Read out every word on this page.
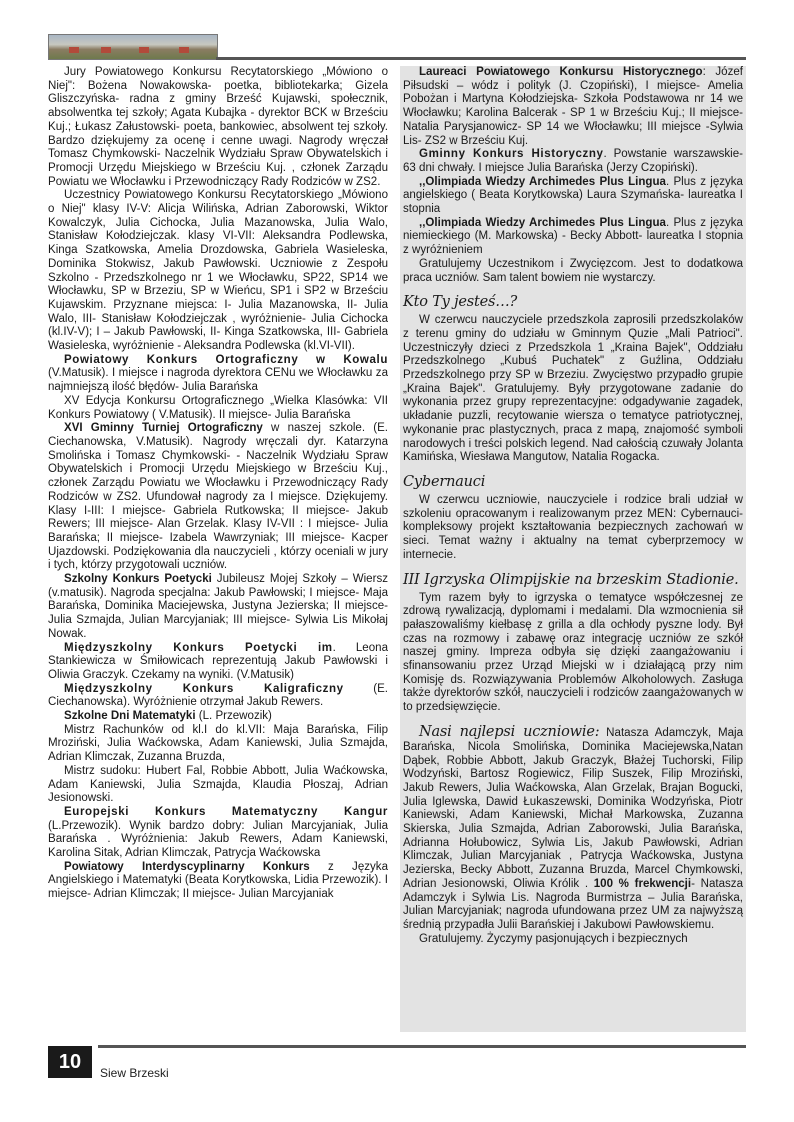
Jury Powiatowego Konkursu Recytatorskiego „Mówiono o Niej": Bożena Nowakowska- poetka, bibliotekarka; Gizela Gliszczyńska- radna z gminy Brześć Kujawski, społecznik, absolwentka tej szkoły; Agata Kubajka - dyrektor BCK w Brześciu Kuj.; Łukasz Załustowski- poeta, bankowiec, absolwent tej szkoły. Bardzo dziękujemy za ocenę i cenne uwagi. Nagrody wręczał Tomasz Chymkowski- Naczelnik Wydziału Spraw Obywatelskich i Promocji Urzędu Miejskiego w Brześciu Kuj. , członek Zarządu Powiatu we Włocławku i Przewodniczący Rady Rodziców w ZS2.

Uczestnicy Powiatowego Konkursu Recytatorskiego „Mówiono o Niej" klasy IV-V: Alicja Wilińska, Adrian Zaborowski, Wiktor Kowalczyk, Julia Cichocka, Julia Mazanowska, Julia Walo, Stanisław Kołodziejczak. klasy VI-VII: Aleksandra Podlewska, Kinga Szatkowska, Amelia Drozdowska, Gabriela Wasieleska, Dominika Stokwisz, Jakub Pawłowski. Uczniowie z Zespołu Szkolno - Przedszkolnego nr 1 we Włocławku, SP22, SP14 we Włocławku, SP w Brzeziu, SP w Wieńcu, SP1 i SP2 w Brześciu Kujawskim. Przyznane miejsca: I- Julia Mazanowska, II- Julia Walo, III- Stanisław Kołodziejczak , wyróżnienie- Julia Cichocka (kl.IV-V); I – Jakub Pawłowski, II- Kinga Szatkowska, III- Gabriela Wasieleska, wyróżnienie - Aleksandra Podlewska (kl.VI-VII).

Powiatowy Konkurs Ortograficzny w Kowalu (V.Matusik). I miejsce i nagroda dyrektora CENu we Włocławku za najmniejszą ilość błędów- Julia Barańska

XV Edycja Konkursu Ortograficznego „Wielka Klasówka: VII Konkurs Powiatowy ( V.Matusik). II miejsce- Julia Barańska

XVI Gminny Turniej Ortograficzny w naszej szkole. (E. Ciechanowska, V.Matusik). Nagrody wręczali dyr. Katarzyna Smolińska i Tomasz Chymkowski- - Naczelnik Wydziału Spraw Obywatelskich i Promocji Urzędu Miejskiego w Brześciu Kuj., członek Zarządu Powiatu we Włocławku i Przewodniczący Rady Rodziców w ZS2. Ufundował nagrody za I miejsce. Dziękujemy. Klasy I-III: I miejsce- Gabriela Rutkowska; II miejsce- Jakub Rewers; III miejsce- Alan Grzelak. Klasy IV-VII : I miejsce- Julia Barańska; II miejsce- Izabela Wawrzyniak; III miejsce- Kacper Ujazdowski. Podziękowania dla nauczycieli , którzy oceniali w jury i tych, którzy przygotowali uczniów.

Szkolny Konkurs Poetycki Jubileusz Mojej Szkoły – Wiersz (v.matusik). Nagroda specjalna: Jakub Pawłowski; I miejsce- Maja Barańska, Dominika Maciejewska, Justyna Jezierska; II miejsce- Julia Szmajda, Julian Marcyjaniak; III miejsce- Sylwia Lis Mikołaj Nowak.

Międzyszkolny Konkurs Poetycki im. Leona Stankiewicza w Śmiłowicach reprezentują Jakub Pawłowski i Oliwia Graczyk. Czekamy na wyniki. (V.Matusik)

Międzyszkolny Konkurs Kaligraficzny (E. Ciechanowska). Wyróżnienie otrzymał Jakub Rewers.

Szkolne Dni Matematyki (L. Przewozik)

Mistrz Rachunków od kl.I do kl.VII: Maja Barańska, Filip Mroziński, Julia Waćkowska, Adam Kaniewski, Julia Szmajda, Adrian Klimczak, Zuzanna Bruzda,

Mistrz sudoku: Hubert Fal, Robbie Abbott, Julia Waćkowska, Adam Kaniewski, Julia Szmajda, Klaudia Płoszaj, Adrian Jesionowski.

Europejski Konkurs Matematyczny Kangur (L.Przewozik). Wynik bardzo dobry: Julian Marcyjaniak, Julia Barańska . Wyróżnienia: Jakub Rewers, Adam Kaniewski, Karolina Sitak, Adrian Klimczak, Patrycja Waćkowska

Powiatowy Interdyscyplinarny Konkurs z Języka Angielskiego i Matematyki (Beata Korytkowska, Lidia Przewozik). I miejsce- Adrian Klimczak; II miejsce- Julian Marcyjaniak

Laureaci Powiatowego Konkursu Historycznego: Józef Piłsudski – wódz i polityk (J. Czopiński), I miejsce- Amelia Pobożan i Martyna Kołodziejska- Szkoła Podstawowa nr 14 we Włocławku; Karolina Balcerak - SP 1 w Brześciu Kuj.; II miejsce- Natalia Parysjanowicz- SP 14 we Włocławku; III miejsce -Sylwia Lis- ZS2 w Brześciu Kuj.

Gminny Konkurs Historyczny. Powstanie warszawskie- 63 dni chwały. I miejsce Julia Barańska (Jerzy Czopiński).

,,Olimpiada Wiedzy Archimedes Plus Lingua. Plus z języka angielskiego ( Beata Korytkowska) Laura Szymańska- laureatka I stopnia

,,Olimpiada Wiedzy Archimedes Plus Lingua. Plus z języka niemieckiego (M. Markowska) - Becky Abbott- laureatka I stopnia z wyróżnieniem

Gratulujemy Uczestnikom i Zwycięzcom. Jest to dodatkowa praca uczniów. Sam talent bowiem nie wystarczy.

Kto Ty jesteś…?

W czerwcu nauczyciele przedszkola zaprosili przedszkolaków z terenu gminy do udziału w Gminnym Quzie „Mali Patrioci". Uczestniczyły dzieci z Przedszkola 1 „Kraina Bajek", Oddziału Przedszkolnego „Kubuś Puchatek" z Guźlina, Oddziału Przedszkolnego przy SP w Brzeziu. Zwycięstwo przypadło grupie „Kraina Bajek". Gratulujemy. Były przygotowane zadanie do wykonania przez grupy reprezentacyjne: odgadywanie zagadek, układanie puzzli, recytowanie wiersza o tematyce patriotycznej, wykonanie prac plastycznych, praca z mapą, znajomość symboli narodowych i treści polskich legend. Nad całością czuwały Jolanta Kamińska, Wiesława Mangutow, Natalia Rogacka.

Cybernauci

W czerwcu uczniowie, nauczyciele i rodzice brali udział w szkoleniu opracowanym i realizowanym przez MEN: Cybernauci- kompleksowy projekt kształtowania bezpiecznych zachowań w sieci. Temat ważny i aktualny na temat cyberprzemocy w internecie.

III Igrzyska Olimpijskie na brzeskim Stadionie.

Tym razem były to igrzyska o tematyce współczesnej ze zdrową rywalizacją, dyplomami i medalami. Dla wzmocnienia sił pałaszowaliśmy kiełbasę z grilla a dla ochłody pyszne lody. Był czas na rozmowy i zabawę oraz integrację uczniów ze szkół naszej gminy. Impreza odbyła się dzięki zaangażowaniu i sfinansowaniu przez Urząd Miejski w i działającą przy nim Komisję ds. Rozwiązywania Problemów Alkoholowych. Zasługa także dyrektorów szkół, nauczycieli i rodziców zaangażowanych w to przedsięwzięcie.

Nasi najlepsi uczniowie: Natasza Adamczyk, Maja Barańska, Nicola Smolińska, Dominika Maciejewska,Natan Dąbek, Robbie Abbott, Jakub Graczyk, Błażej Tuchorski, Filip Wodzyński, Bartosz Rogiewicz, Filip Suszek, Filip Mroziński, Jakub Rewers, Julia Waćkowska, Alan Grzelak, Brajan Bogucki, Julia Iglewska, Dawid Łukaszewski, Dominika Wodzyńska, Piotr Kaniewski, Adam Kaniewski, Michał Markowska, Zuzanna Skierska, Julia Szmajda, Adrian Zaborowski, Julia Barańska, Adrianna Hołubowicz, Sylwia Lis, Jakub Pawłowski, Adrian Klimczak, Julian Marcyjaniak , Patrycja Waćkowska, Justyna Jezierska, Becky Abbott, Zuzanna Bruzda, Marcel Chymkowski, Adrian Jesionowski, Oliwia Królik . 100 % frekwencji- Natasza Adamczyk i Sylwia Lis. Nagroda Burmistrza – Julia Barańska, Julian Marcyjaniak; nagroda ufundowana przez UM za najwyższą średnią przypadła Julii Barańskiej i Jakubowi Pawłowskiemu.

Gratulujemy. Życzymy pasjonujących i bezpiecznych

10	Siew Brzeski
